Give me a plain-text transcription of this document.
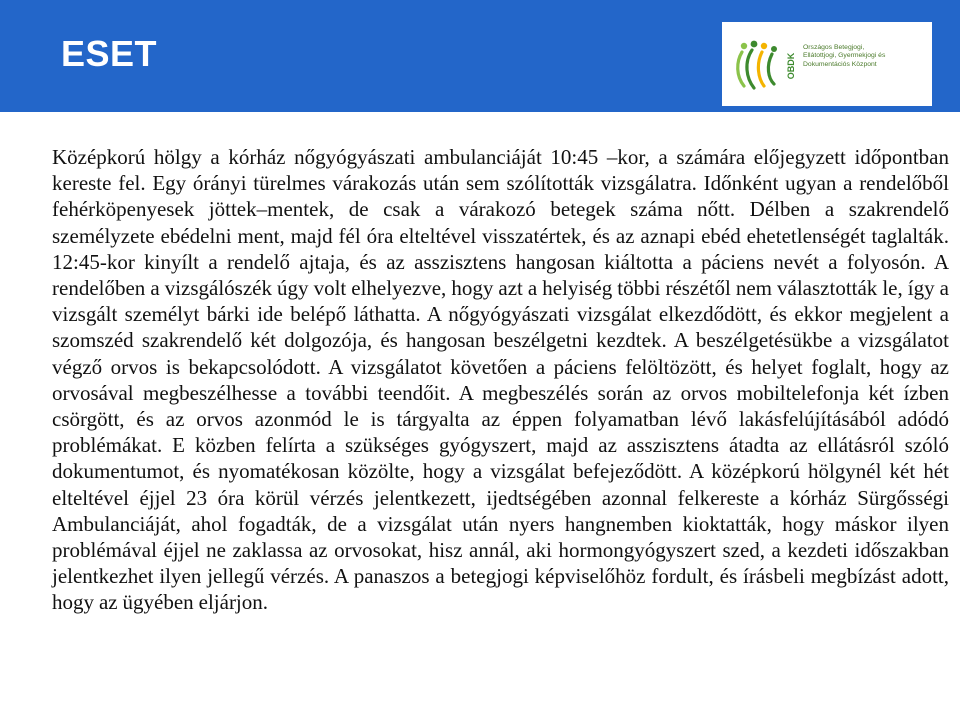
ESET	OBDK
Országos Betegjogi,
Ellátottjogi, Gyermekjogi és
Dokumentációs Központ
Középkorú hölgy a kórház nőgyógyászati ambulanciáját 10:45 –kor, a számára előjegyzett időpontban kereste fel. Egy órányi türelmes várakozás után sem szólították vizsgálatra. Időnként ugyan a rendelőből fehérköpenyesek jöttek–mentek, de csak a várakozó betegek száma nőtt. Délben a szakrendelő személyzete ebédelni ment, majd fél óra elteltével visszatértek, és az aznapi ebéd ehetetlenségét taglalták. 12:45-kor kinyílt a rendelő ajtaja, és az asszisztens hangosan kiáltotta a páciens nevét a folyosón. A rendelőben a vizsgálószék úgy volt elhelyezve, hogy azt a helyiség többi részétől nem választották le, így a vizsgált személyt bárki ide belépő láthatta. A nőgyógyászati vizsgálat elkezdődött, és ekkor megjelent a szomszéd szakrendelő két dolgozója, és hangosan beszélgetni kezdtek. A beszélgetésükbe a vizsgálatot végző orvos is bekapcsolódott. A vizsgálatot követően a páciens felöltözött, és helyet foglalt, hogy az orvosával megbeszélhesse a további teendőit. A megbeszélés során az orvos mobiltelefonja két ízben csörgött, és az orvos azonmód le is tárgyalta az éppen folyamatban lévő lakásfelújításából adódó problémákat. E közben felírta a szükséges gyógyszert, majd az asszisztens átadta az ellátásról szóló dokumentumot, és nyomatékosan közölte, hogy a vizsgálat befejeződött. A középkorú hölgynél két hét elteltével éjjel 23 óra körül vérzés jelentkezett, ijedtségében azonnal felkereste a kórház Sürgősségi Ambulanciáját, ahol fogadták, de a vizsgálat után nyers hangnemben kioktatták, hogy máskor ilyen problémával éjjel ne zaklassa az orvosokat, hisz annál, aki hormongyógyszert szed, a kezdeti időszakban jelentkezhet ilyen jellegű vérzés. A panaszos a betegjogi képviselőhöz fordult, és írásbeli megbízást adott, hogy az ügyében eljárjon.
